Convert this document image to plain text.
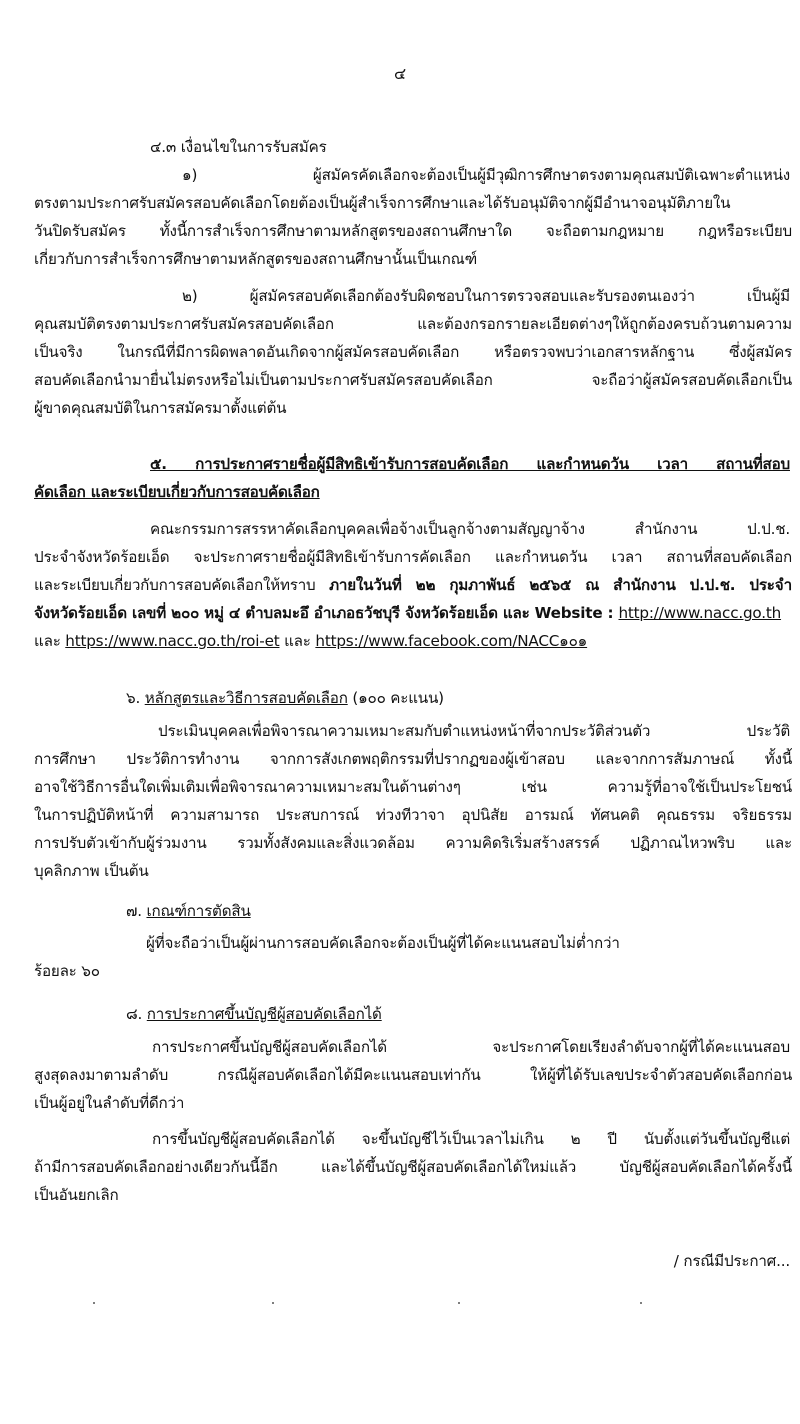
๔
๔.๓ เงื่อนไขในการรับสมัคร
๑) ผู้สมัครคัดเลือกจะต้องเป็นผู้มีวุฒิการศึกษาตรงตามคุณสมบัติเฉพาะตำแหน่ง
ตรงตามประกาศรับสมัครสอบคัดเลือกโดยต้องเป็นผู้สำเร็จการศึกษาและได้รับอนุมัติจากผู้มีอำนาจอนุมัติภายใน
วันปิดรับสมัคร ทั้งนี้การสำเร็จการศึกษาตามหลักสูตรของสถานศึกษาใด จะถือตามกฎหมาย กฎหรือระเบียบ
เกี่ยวกับการสำเร็จการศึกษาตามหลักสูตรของสถานศึกษานั้นเป็นเกณฑ์
๒) ผู้สมัครสอบคัดเลือกต้องรับผิดชอบในการตรวจสอบและรับรองตนเองว่า เป็นผู้มี
คุณสมบัติตรงตามประกาศรับสมัครสอบคัดเลือก และต้องกรอกรายละเอียดต่างๆให้ถูกต้องครบถ้วนตามความ
เป็นจริง ในกรณีที่มีการผิดพลาดอันเกิดจากผู้สมัครสอบคัดเลือก หรือตรวจพบว่าเอกสารหลักฐาน ซึ่งผู้สมัคร
สอบคัดเลือกนำมายื่นไม่ตรงหรือไม่เป็นตามประกาศรับสมัครสอบคัดเลือก จะถือว่าผู้สมัครสอบคัดเลือกเป็น
ผู้ขาดคุณสมบัติในการสมัครมาตั้งแต่ต้น
๕. การประกาศรายชื่อผู้มีสิทธิเข้ารับการสอบคัดเลือก และกำหนดวัน เวลา สถานที่สอบ
คัดเลือก และระเบียบเกี่ยวกับการสอบคัดเลือก
คณะกรรมการสรรหาคัดเลือกบุคคลเพื่อจ้างเป็นลูกจ้างตามสัญญาจ้าง สำนักงาน ป.ป.ช.
ประจำจังหวัดร้อยเอ็ด จะประกาศรายชื่อผู้มีสิทธิเข้ารับการคัดเลือก และกำหนดวัน เวลา สถานที่สอบคัดเลือก
และระเบียบเกี่ยวกับการสอบคัดเลือกให้ทราบ ภายในวันที่ ๒๒ กุมภาพันธ์ ๒๕๖๕ ณ สำนักงาน ป.ป.ช. ประจำ
จังหวัดร้อยเอ็ด เลขที่ ๒๐๐ หมู่ ๔ ตำบลมะอึ อำเภอธวัชบุรี จังหวัดร้อยเอ็ด และ Website : http://www.nacc.go.th
และ https://www.nacc.go.th/roi-et และ https://www.facebook.com/NACC๑๐๑
๖. หลักสูตรและวิธีการสอบคัดเลือก (๑๐๐ คะแนน)
ประเมินบุคคลเพื่อพิจารณาความเหมาะสมกับตำแหน่งหน้าที่จากประวัติส่วนตัว ประวัติ
การศึกษา ประวัติการทำงาน จากการสังเกตพฤติกรรมที่ปรากฏของผู้เข้าสอบ และจากการสัมภาษณ์ ทั้งนี้
อาจใช้วิธีการอื่นใดเพิ่มเติมเพื่อพิจารณาความเหมาะสมในด้านต่างๆ เช่น ความรู้ที่อาจใช้เป็นประโยชน์
ในการปฏิบัติหน้าที่ ความสามารถ ประสบการณ์ ท่วงทีวาจา อุปนิสัย อารมณ์ ทัศนคติ คุณธรรม จริยธรรม
การปรับตัวเข้ากับผู้ร่วมงาน รวมทั้งสังคมและสิ่งแวดล้อม ความคิดริเริ่มสร้างสรรค์ ปฏิภาณไหวพริบ และ
บุคลิกภาพ เป็นต้น
๗. เกณฑ์การตัดสิน
ผู้ที่จะถือว่าเป็นผู้ผ่านการสอบคัดเลือกจะต้องเป็นผู้ที่ได้คะแนนสอบไม่ต่ำกว่า
ร้อยละ ๖๐
๘. การประกาศขึ้นบัญชีผู้สอบคัดเลือกได้
การประกาศขึ้นบัญชีผู้สอบคัดเลือกได้ จะประกาศโดยเรียงลำดับจากผู้ที่ได้คะแนนสอบ
สูงสุดลงมาตามลำดับ กรณีผู้สอบคัดเลือกได้มีคะแนนสอบเท่ากัน ให้ผู้ที่ได้รับเลขประจำตัวสอบคัดเลือกก่อน
เป็นผู้อยู่ในลำดับที่ดีกว่า
การขึ้นบัญชีผู้สอบคัดเลือกได้ จะขึ้นบัญชีไว้เป็นเวลาไม่เกิน ๒ ปี นับตั้งแต่วันขึ้นบัญชีแต่
ถ้ามีการสอบคัดเลือกอย่างเดียวกันนี้อีก และได้ขึ้นบัญชีผู้สอบคัดเลือกได้ใหม่แล้ว บัญชีผู้สอบคัดเลือกได้ครั้งนี้
เป็นอันยกเลิก
/ กรณีมีประกาศ...
